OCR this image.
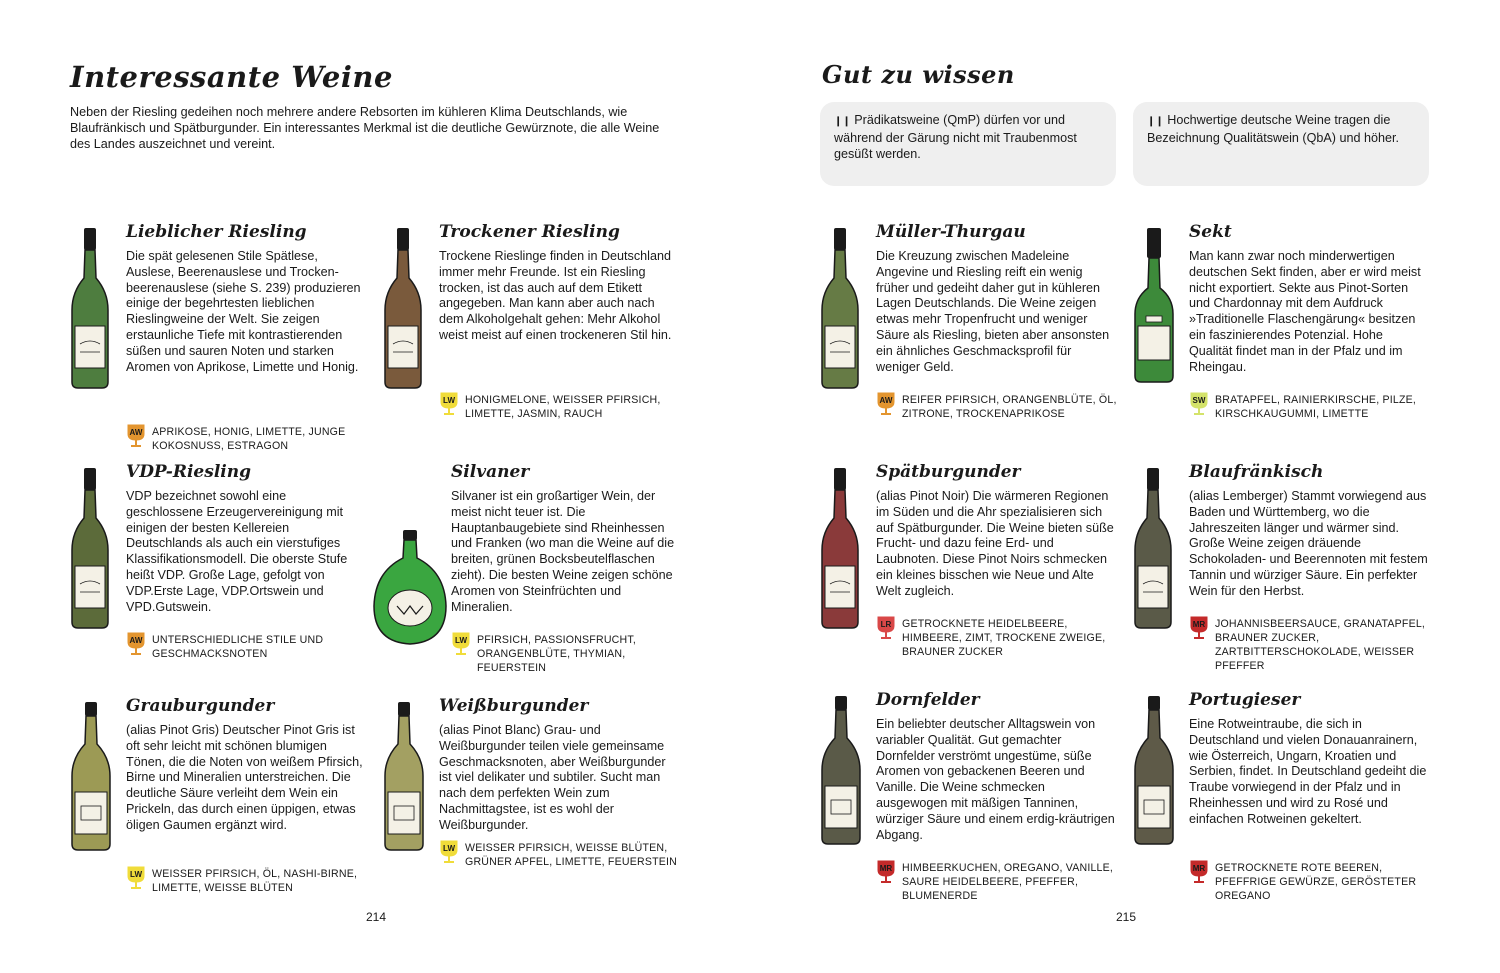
Interessante Weine
Neben der Riesling gedeihen noch mehrere andere Rebsorten im kühleren Klima Deutschlands, wie Blaufränkisch und Spätburgunder. Ein interessantes Merkmal ist die deutliche Gewürznote, die alle Weine des Landes auszeichnet und vereint.
Gut zu wissen
❙❙ Prädikatsweine (QmP) dürfen vor und während der Gärung nicht mit Traubenmost gesüßt werden.
❙❙ Hochwertige deutsche Weine tragen die Bezeichnung Qualitätswein (QbA) und höher.
Lieblicher Riesling
Die spät gelesenen Stile Spätlese, Auslese, Beerenauslese und Trocken-beerenauslese (siehe S. 239) produzieren einige der begehrtesten lieblichen Rieslingweine der Welt. Sie zeigen erstaunliche Tiefe mit kontrastierenden süßen und sauren Noten und starken Aromen von Aprikose, Limette und Honig.
AW APRIKOSE, HONIG, LIMETTE, JUNGE KOKOSNUSS, ESTRAGON
Trockener Riesling
Trockene Rieslinge finden in Deutschland immer mehr Freunde. Ist ein Riesling trocken, ist das auch auf dem Etikett angegeben. Man kann aber auch nach dem Alkoholgehalt gehen: Mehr Alkohol weist meist auf einen trockeneren Stil hin.
LW HONIGMELONE, WEISSER PFIRSICH, LIMETTE, JASMIN, RAUCH
VDP-Riesling
VDP bezeichnet sowohl eine geschlossene Erzeugervereinigung mit einigen der besten Kellereien Deutschlands als auch ein vierstufiges Klassifikationsmodell. Die oberste Stufe heißt VDP. Große Lage, gefolgt von VDP.Erste Lage, VDP.Ortswein und VPD.Gutswein.
AW UNTERSCHIEDLICHE STILE UND GESCHMACKSNOTEN
Silvaner
Silvaner ist ein großartiger Wein, der meist nicht teuer ist. Die Hauptanbaugebiete sind Rheinhessen und Franken (wo man die Weine auf die breiten, grünen Bocksbeutelflaschen zieht). Die besten Weine zeigen schöne Aromen von Steinfrüchten und Mineralien.
LW PFIRSICH, PASSIONSFRUCHT, ORANGENBLÜTE, THYMIAN, FEUERSTEIN
Grauburgunder
(alias Pinot Gris) Deutscher Pinot Gris ist oft sehr leicht mit schönen blumigen Tönen, die die Noten von weißem Pfirsich, Birne und Mineralien unterstreichen. Die deutliche Säure verleiht dem Wein ein Prickeln, das durch einen üppigen, etwas öligen Gaumen ergänzt wird.
LW WEISSER PFIRSICH, ÖL, NASHI-BIRNE, LIMETTE, WEISSE BLÜTEN
Weißburgunder
(alias Pinot Blanc) Grau- und Weißburgunder teilen viele gemeinsame Geschmacksnoten, aber Weißburgunder ist viel delikater und subtiler. Sucht man nach dem perfekten Wein zum Nachmittagstee, ist es wohl der Weißburgunder.
LW WEISSER PFIRSICH, WEISSE BLÜTEN, GRÜNER APFEL, LIMETTE, FEUERSTEIN
Müller-Thurgau
Die Kreuzung zwischen Madeleine Angevine und Riesling reift ein wenig früher und gedeiht daher gut in kühleren Lagen Deutschlands. Die Weine zeigen etwas mehr Tropenfrucht und weniger Säure als Riesling, bieten aber ansonsten ein ähnliches Geschmacksprofil für weniger Geld.
AW REIFER PFIRSICH, ORANGENBLÜTE, ÖL, ZITRONE, TROCKENAPRIKOSE
Sekt
Man kann zwar noch minderwertigen deutschen Sekt finden, aber er wird meist nicht exportiert. Sekte aus Pinot-Sorten und Chardonnay mit dem Aufdruck »Traditionelle Flaschengärung« besitzen ein faszinierendes Potenzial. Hohe Qualität findet man in der Pfalz und im Rheingau.
SW BRATAPFEL, RAINIERKIRSCHE, PILZE, KIRSCHKAUGUMMI, LIMETTE
Spätburgunder
(alias Pinot Noir) Die wärmeren Regionen im Süden und die Ahr spezialisieren sich auf Spätburgunder. Die Weine bieten süße Frucht- und dazu feine Erd- und Laubnoten. Diese Pinot Noirs schmecken ein kleines bisschen wie Neue und Alte Welt zugleich.
LR GETROCKNETE HEIDELBEERE, HIMBEERE, ZIMT, TROCKENE ZWEIGE, BRAUNER ZUCKER
Blaufränkisch
(alias Lemberger) Stammt vorwiegend aus Baden und Württemberg, wo die Jahreszeiten länger und wärmer sind. Große Weine zeigen dräuende Schokoladen- und Beerennoten mit festem Tannin und würziger Säure. Ein perfekter Wein für den Herbst.
MR JOHANNISBEERSAUCE, GRANATAPFEL, BRAUNER ZUCKER, ZARTBITTERSCHOKOLADE, WEISSER PFEFFER
Dornfelder
Ein beliebter deutscher Alltagswein von variabler Qualität. Gut gemachter Dornfelder verströmt ungestüme, süße Aromen von gebackenen Beeren und Vanille. Die Weine schmecken ausgewogen mit mäßigen Tanninen, würziger Säure und einem erdig-kräutrigen Abgang.
MR HIMBEERKUCHEN, OREGANO, VANILLE, SAURE HEIDELBEERE, PFEFFER, BLUMENERDE
Portugieser
Eine Rotweintraube, die sich in Deutschland und vielen Donauanrainern, wie Österreich, Ungarn, Kroatien und Serbien, findet. In Deutschland gedeiht die Traube vorwiegend in der Pfalz und in Rheinhessen und wird zu Rosé und einfachen Rotweinen gekeltert.
MR GETROCKNETE ROTE BEEREN, PFEFFRIGE GEWÜRZE, GERÖSTETER OREGANO
214	215
